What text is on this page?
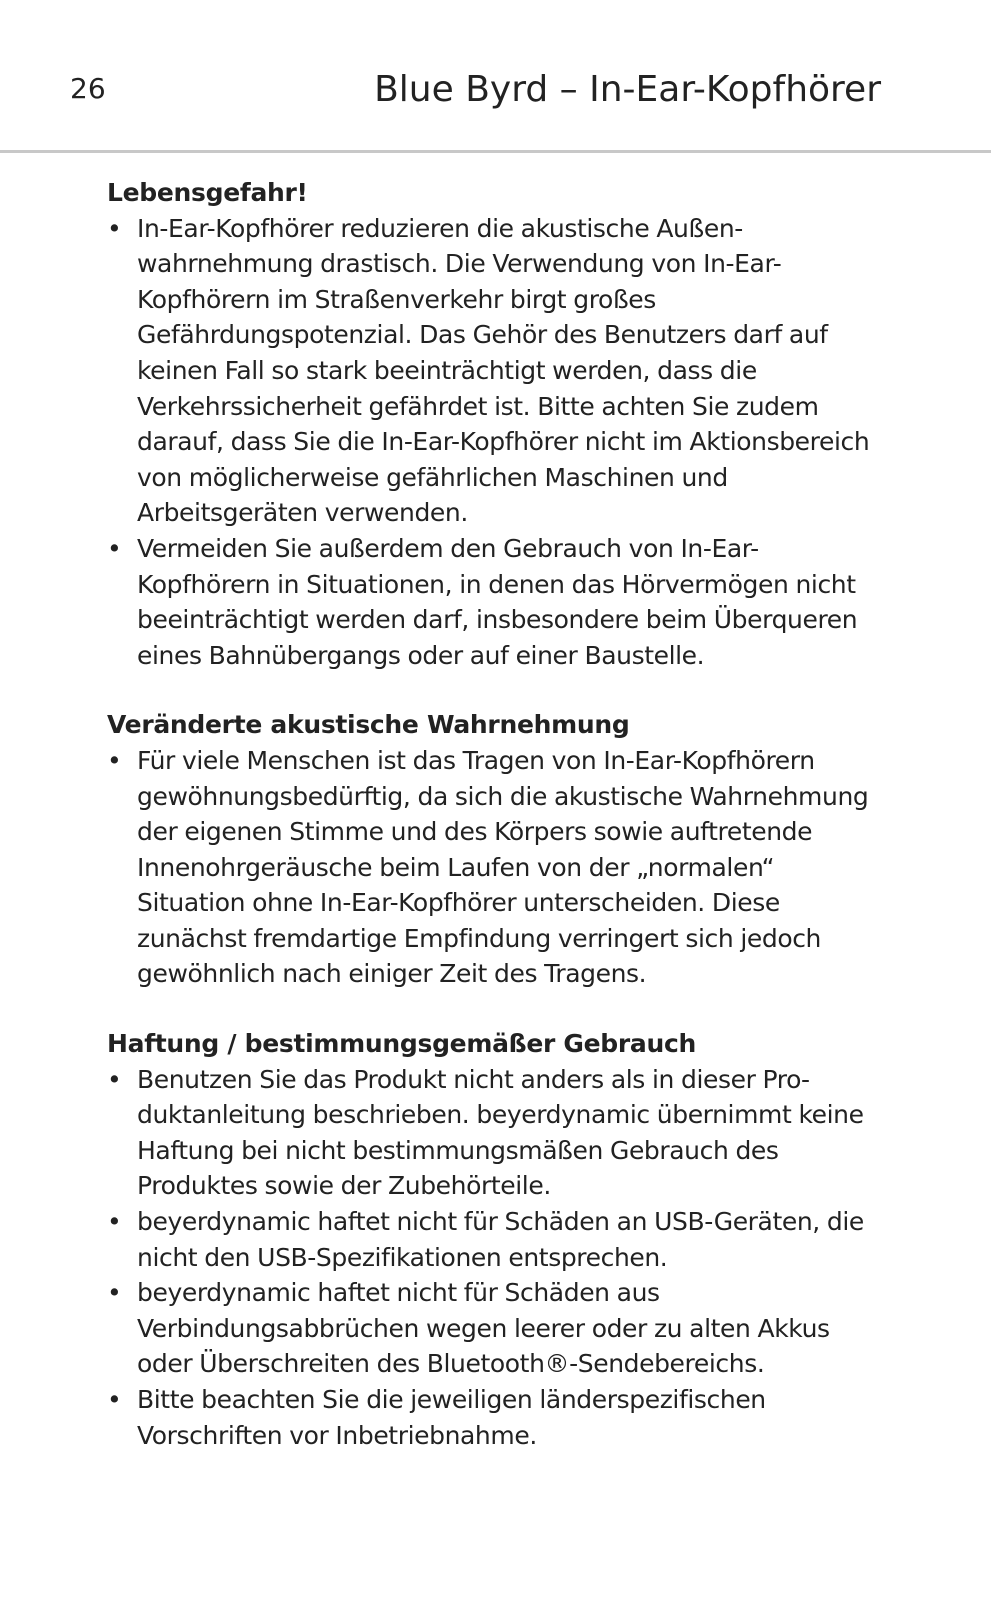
26	Blue Byrd – In-Ear-Kopfhörer
Lebensgefahr!
• In-Ear-Kopfhörer reduzieren die akustische Außenwahrnehmung drastisch. Die Verwendung von In-Ear-Kopfhörern im Straßenverkehr birgt großes Gefährdungspotenzial. Das Gehör des Benutzers darf auf keinen Fall so stark beeinträchtigt werden, dass die Verkehrssicherheit gefährdet ist. Bitte achten Sie zudem darauf, dass Sie die In-Ear-Kopfhörer nicht im Aktionsbereich von möglicherweise gefährlichen Maschinen und Arbeitsgeräten verwenden.
• Vermeiden Sie außerdem den Gebrauch von In-Ear-Kopfhörern in Situationen, in denen das Hörvermögen nicht beeinträchtigt werden darf, insbesondere beim Überqueren eines Bahnübergangs oder auf einer Baustelle.
Veränderte akustische Wahrnehmung
• Für viele Menschen ist das Tragen von In-Ear-Kopfhörern gewöhnungsbedürftig, da sich die akustische Wahrnehmung der eigenen Stimme und des Körpers sowie auftretende Innenohrgeräusche beim Laufen von der „normalen“ Situation ohne In-Ear-Kopfhörer unterscheiden. Diese zunächst fremdartige Empfindung verringert sich jedoch gewöhnlich nach einiger Zeit des Tragens.
Haftung / bestimmungsgemäßer Gebrauch
• Benutzen Sie das Produkt nicht anders als in dieser Produktanleitung beschrieben. beyerdynamic übernimmt keine Haftung bei nicht bestimmungsmäßen Gebrauch des Produktes sowie der Zubehörteile.
• beyerdynamic haftet nicht für Schäden an USB-Geräten, die nicht den USB-Spezifikationen entsprechen.
• beyerdynamic haftet nicht für Schäden aus Verbindungsabbrüchen wegen leerer oder zu alten Akkus oder Überschreiten des Bluetooth®-Sendebereichs.
• Bitte beachten Sie die jeweiligen länderspezifischen Vorschriften vor Inbetriebnahme.
